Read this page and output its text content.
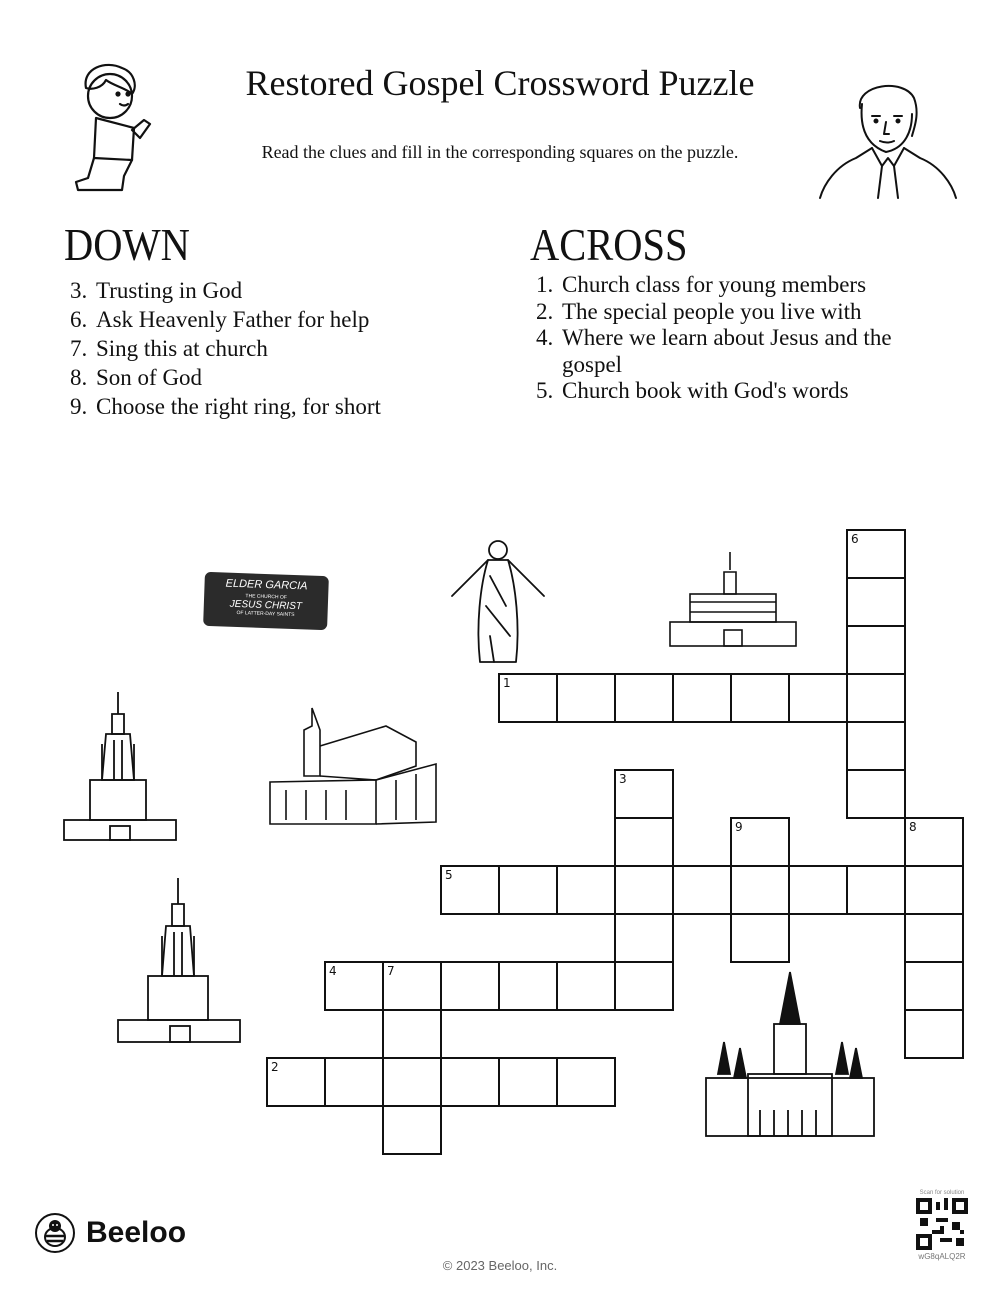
Restored Gospel Crossword Puzzle
Read the clues and fill in the corresponding squares on the puzzle.
DOWN	ACROSS
3. Trusting in God
6. Ask Heavenly Father for help
7. Sing this at church
8. Son of God
9. Choose the right ring, for short
1. Church class for young members
2. The special people you live with
4. Where we learn about Jesus and the gospel
5. Church book with God's words
ELDER GARCIA
THE CHURCH OF
JESUS CHRIST
OF LATTER-DAY SAINTS
6
1
3
9	8
5
4	7
2
Beeloo
© 2023 Beeloo, Inc.
Scan for solution
wG8qALQ2R
